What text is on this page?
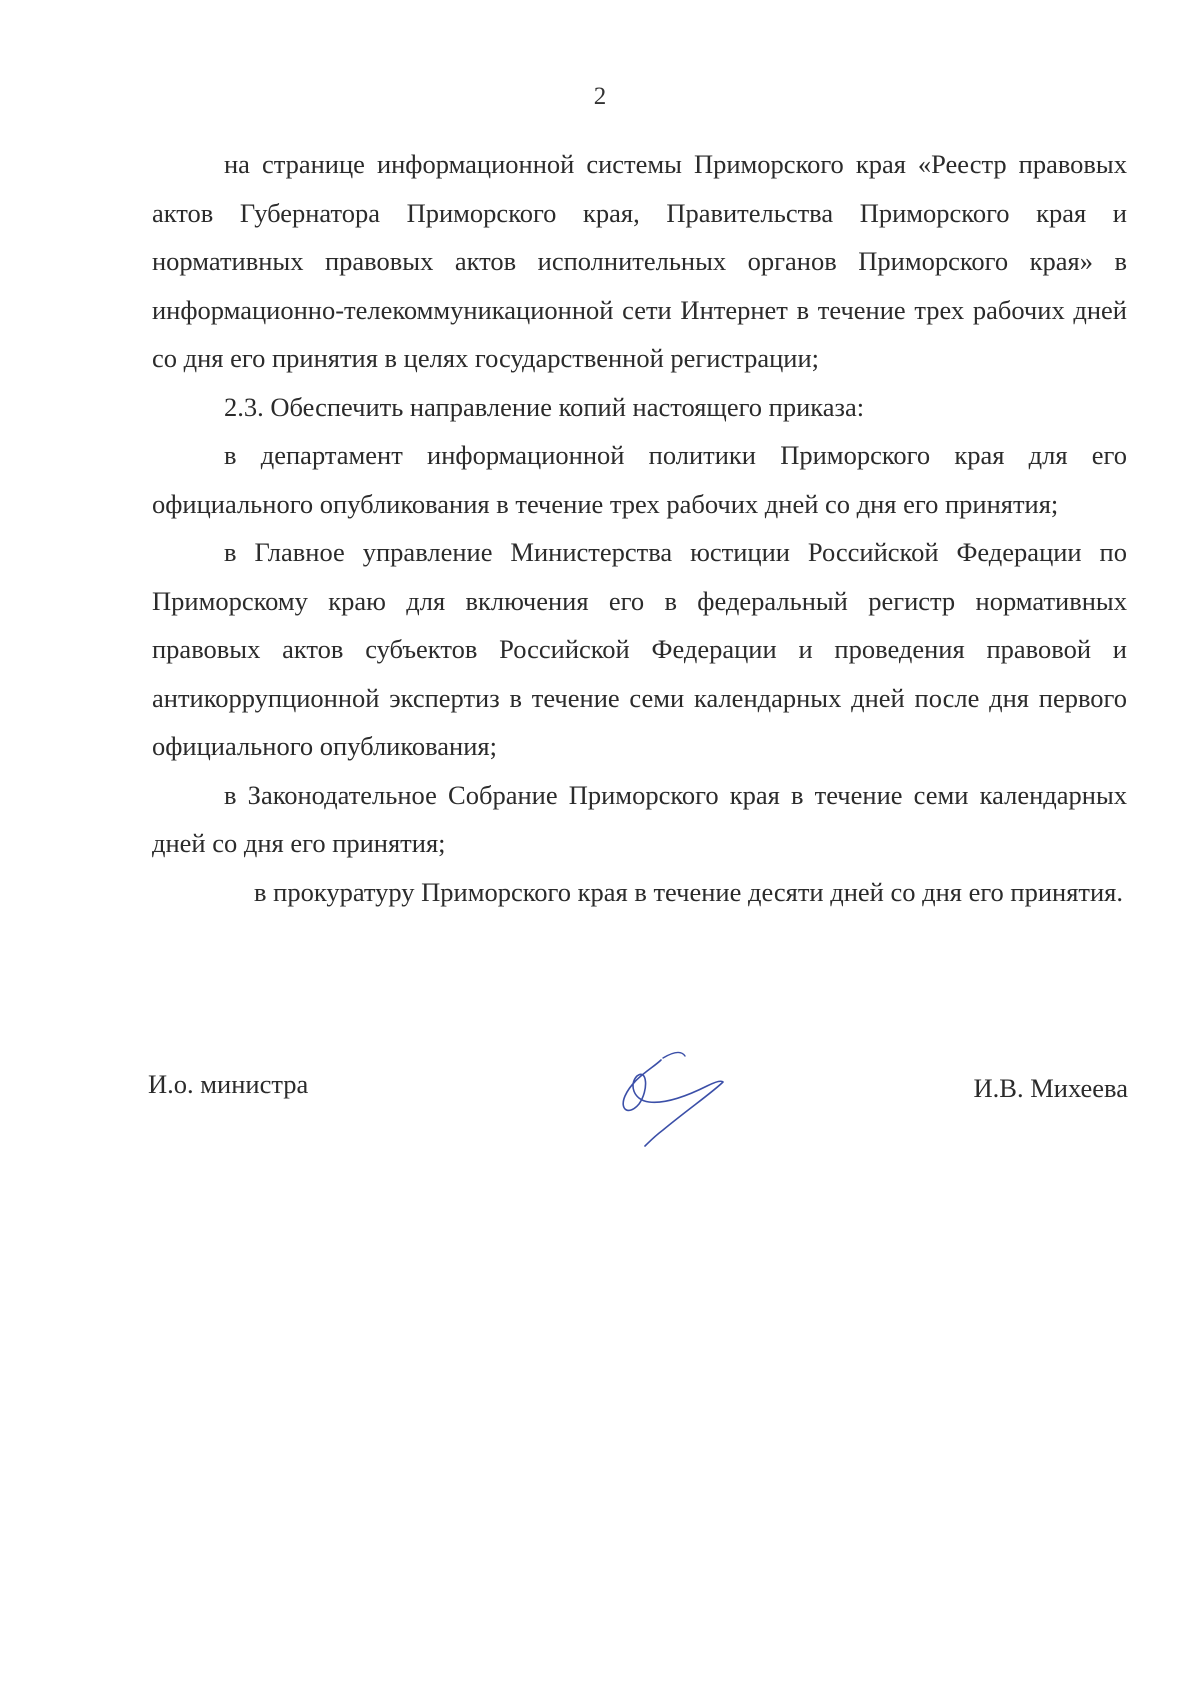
2

на странице информационной системы Приморского края «Реестр правовых актов Губернатора Приморского края, Правительства Приморского края и нормативных правовых актов исполнительных органов Приморского края» в информационно-телекоммуникационной сети Интернет в течение трех рабочих дней со дня его принятия в целях государственной регистрации;

2.3. Обеспечить направление копий настоящего приказа:

в департамент информационной политики Приморского края для его официального опубликования в течение трех рабочих дней со дня его принятия;

в Главное управление Министерства юстиции Российской Федерации по Приморскому краю для включения его в федеральный регистр нормативных правовых актов субъектов Российской Федерации и проведения правовой и антикоррупционной экспертиз в течение семи календарных дней после дня первого официального опубликования;

в Законодательное Собрание Приморского края в течение семи календарных дней со дня его принятия;

в прокуратуру Приморского края в течение десяти дней со дня его принятия.

И.о. министра	И.В. Михеева
